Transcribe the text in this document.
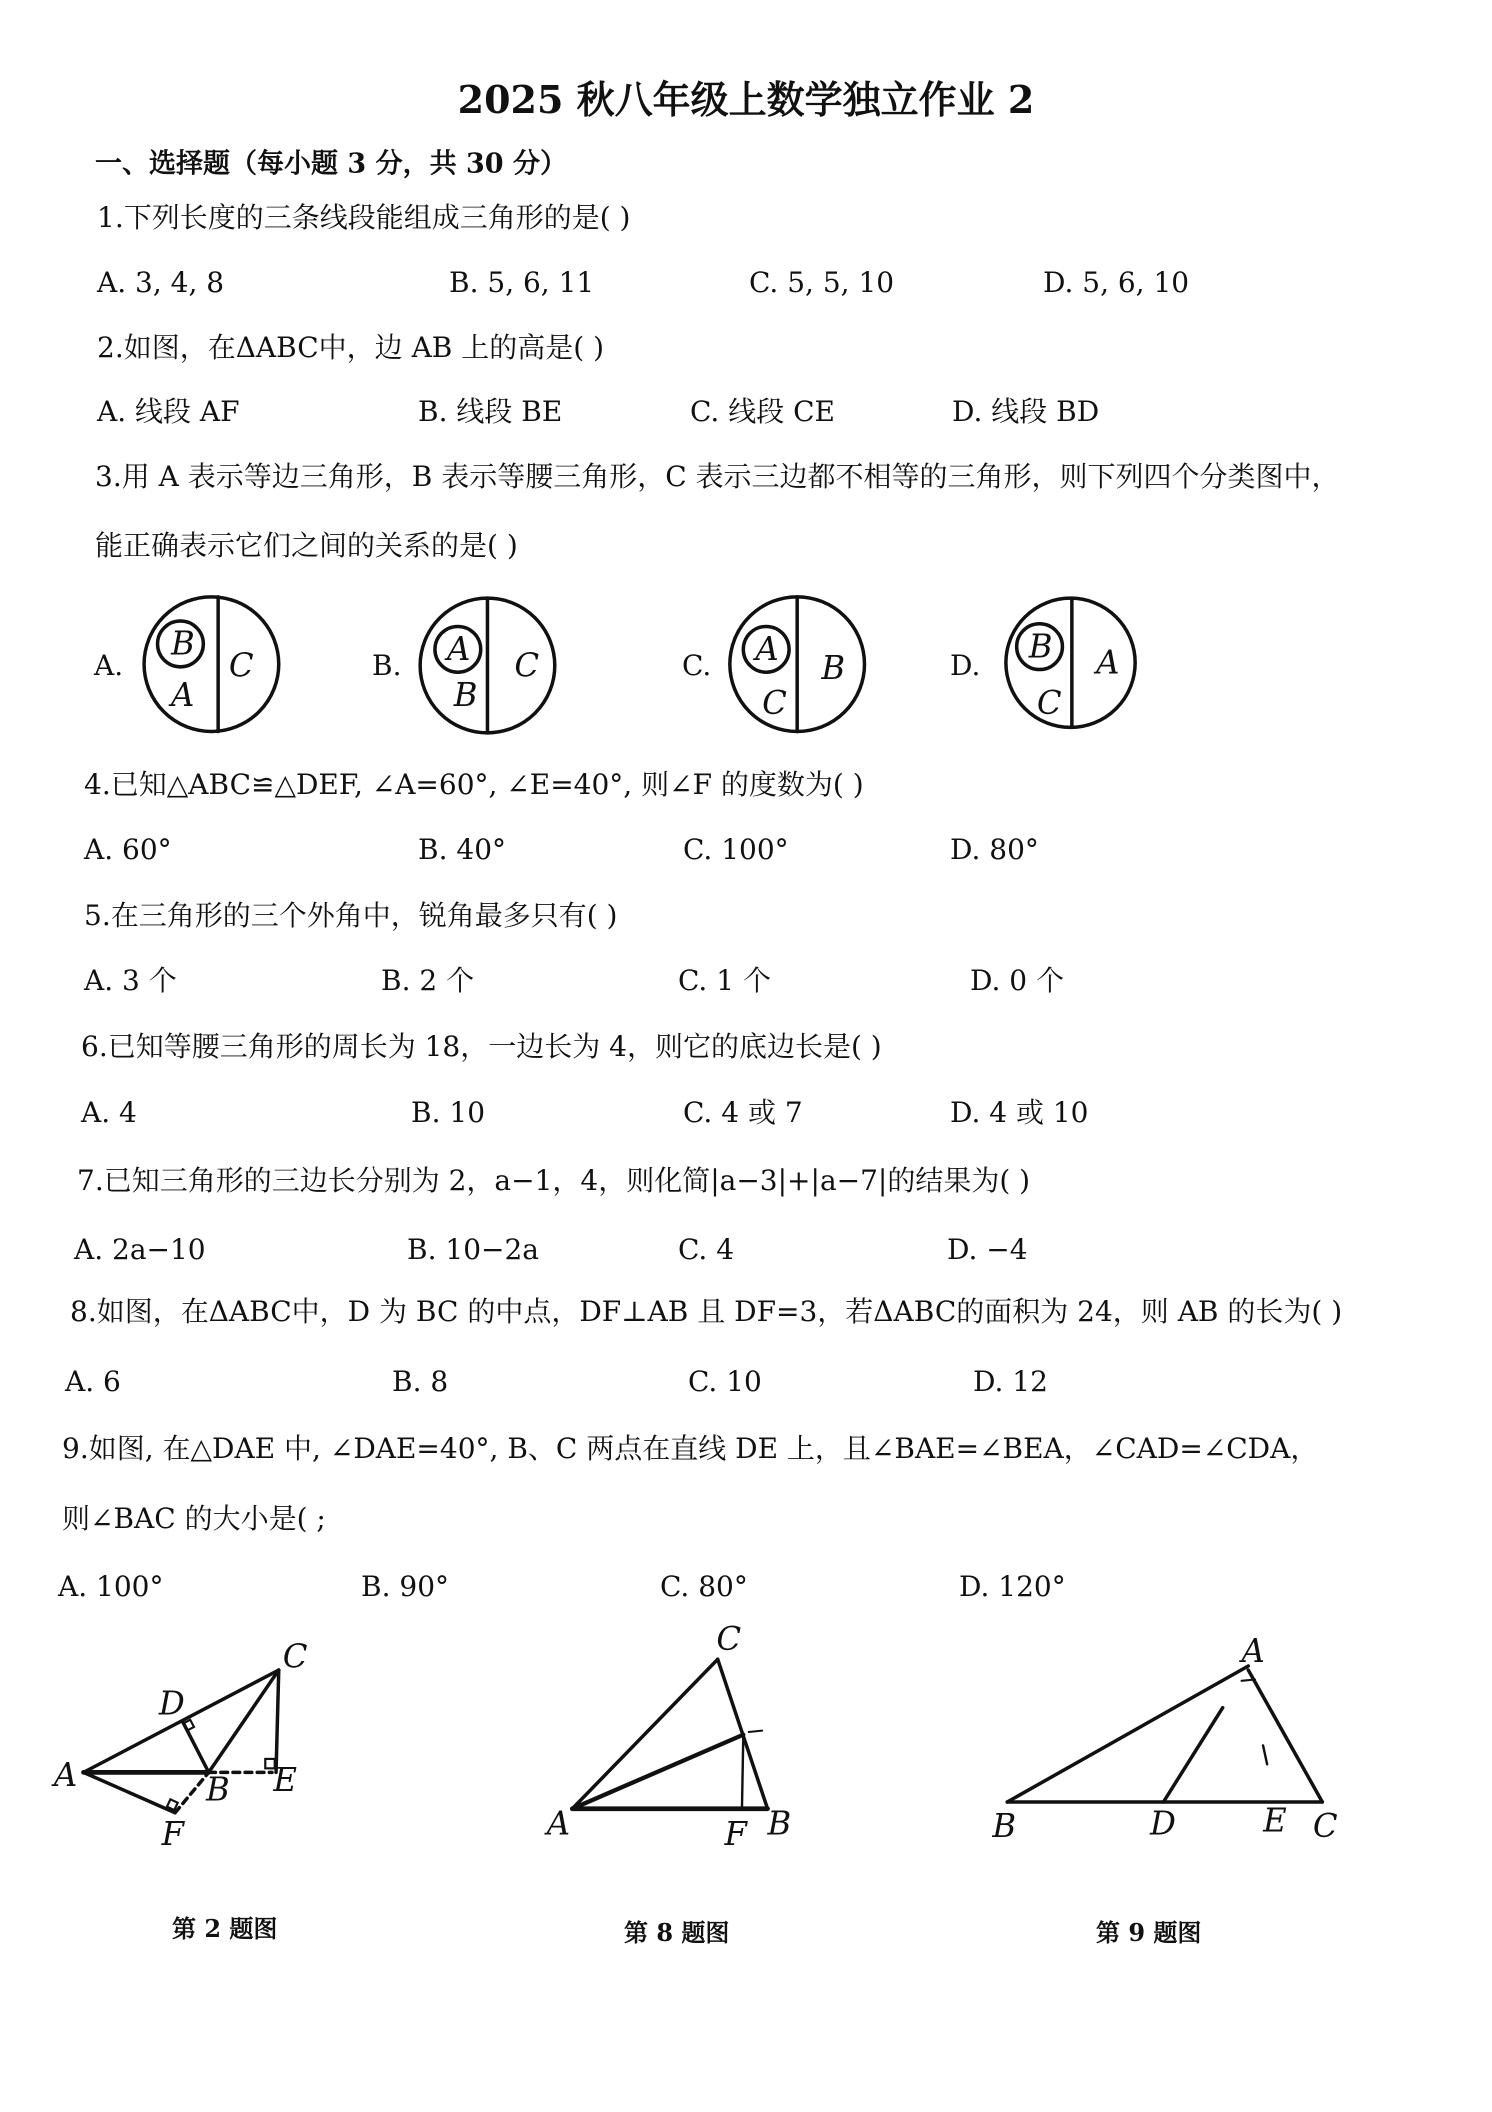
2025 秋八年级上数学独立作业 2
一、选择题（每小题 3 分，共 30 分）
1.下列长度的三条线段能组成三角形的是( )
A. 3, 4, 8	B. 5, 6, 11	C. 5, 5, 10	D. 5, 6, 10
2.如图，在ΔABC中，边 AB 上的高是( )
A. 线段 AF	B. 线段 BE	C. 线段 CE	D. 线段 BD
3.用 A 表示等边三角形，B 表示等腰三角形，C 表示三边都不相等的三角形，则下列四个分类图中，
能正确表示它们之间的关系的是( )
A.	B.	C.	D.
4.已知△ABC≌△DEF, ∠A=60°, ∠E=40°, 则∠F 的度数为( )
A. 60°	B. 40°	C. 100°	D. 80°
5.在三角形的三个外角中，锐角最多只有( )
A. 3 个	B. 2 个	C. 1 个	D. 0 个
6.已知等腰三角形的周长为 18，一边长为 4，则它的底边长是( )
A. 4	B. 10	C. 4 或 7	D. 4 或 10
7.已知三角形的三边长分别为 2，a−1，4，则化简|a−3|+|a−7|的结果为( )
A. 2a−10	B. 10−2a	C. 4	D. −4
8.如图，在ΔABC中，D 为 BC 的中点，DF⊥AB 且 DF=3，若ΔABC的面积为 24，则 AB 的长为( )
A. 6	B. 8	C. 10	D. 12
9.如图, 在△DAE 中, ∠DAE=40°, B、C 两点在直线 DE 上，且∠BAE=∠BEA，∠CAD=∠CDA，
则∠BAC 的大小是( ;
A. 100°	B. 90°	C. 80°	D. 120°
第 2 题图	第 8 题图	第 9 题图
B
A
C	A
B
C	A
C
B
B
C
A
A	B
C
D
E
F	A	B
C
F
A
B	C
D	E
